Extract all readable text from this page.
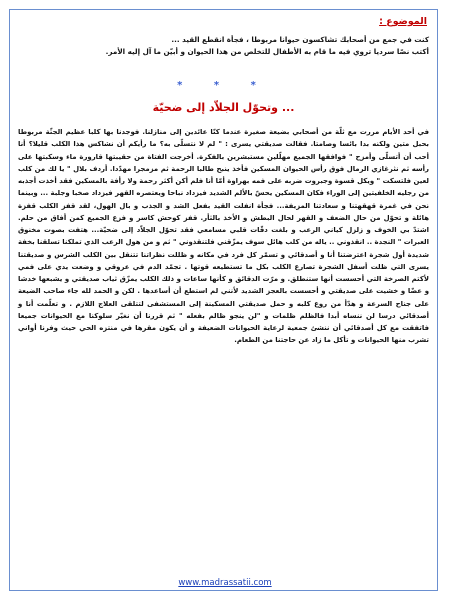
الموضوع :
كنت في جمع من أصحابك تشاكسون حيوانا مربوطا ، فجأة انقطع القيد ...
أكتب نصّا سرديا تروي فيه ما قام به الأطفال للتخلص من هذا الحيوان و أبيّن ما آل إليه الأمر.
* * *
... وتحوّل الجلاّد إلى ضحيّة

في أحد الأيام مررت مع ثلّة من أصحابي بضيعة صغيرة عندما كنّا عائدين إلى منازلنا. فوجدنا بها كلبا عظيم الجثّة مربوطا بحبل متين ولكنه بدا بائسا وصامتا. فقالت صديقتي يسرى : " لم لا نتسلّى به؟ ما رأيكم أن نشاكس هذا الكلب قليلا؟ أنا أحب أن أتسلّى وأمزح " فوافقها الجميع مهلّلين مستبشرين بالفكرة. أخرجت الفتاة من حقيبتها قارورة ماء وسكبتها على رأسه ثم نثرغازي الرمال فوق رأس الحيوان المسكين فأخذ ينبح طالبا الرحمة ثم مزمجرا مهدّدا. أردف بلال " يا لك من كلب لعين فلتسكت " ويكل قسوة وجبروت ضربه على فمه بهراوة أمّا أنا فلم أكن أكثر رحمة ولا رأفة بالمسكين فقد أخذت أجذبه من رجليه الخلفيتين إلى الوراء فكان المسكين يحسّ بالألم الشديد فيزداد نباحا ويعتصره القهر فيزداد صخبا وجلبة ... وبينما نحن في غمرة قهقهتنا و سعادتنا المزيفة... فجأة انفلت القيد بفعل الشد و الجذب و بال الهول، لقد قفز الكلب قفزة هائلة و تحوّل من حال الضعف و القهر لحال البطش و الأخذ بالثأر. قفز كوحش كاسر و فزع الجميع كمن أفاق من حلم. اشتدّ بي الخوف و زلزل كياني الرعب و بلغت دقّات قلبي مسامعي فقد تحوّل الجلاّد إلى ضحيّة... هتفت بصوت مخنوق العبرات " النجدة .. انقذوني .. ياله من كلب هائل سوف يمزّقني فلتنقذوني " ثم و من هول الرعب الذي تملكنا تسلقنا بخفة شديدة أول شجرة اعترضتنا أنا و أصدقائي و تسمّر كل فرد في مكانه و ظللت نظراتنا تتنقل بين الكلب الشرس و صديقتنا يسرى التي ظلت أسفل الشجرة تصارع الكلب بكل ما تستطيعه قوتها . تجمّد الدم في عروقي و وضعت يدي على فمي لأكتم الصرخة التي أحسست أنها ستنطلق. و مرّت الدقائق و كأنها ساعات و ذلك الكلب يمزّق ثياب صديقتي و يشبعها خدشا و عضّا و خشيت على صديقتي و أحسست بالعجز الشديد لأنني لم استطع أن أساعدها . لكن و الحمد لله جاء صاحب الضيعة على جناح السرعة و هدّأ من روع كلبه و حمل صديقتي المسكينة إلى المستشفى لتتلقى العلاج اللازم . و تعلّمت أنا و أصدقائي درسا لن ننساه أبدا فالظلم ظلمات و "لن ينجو ظالم بفعله " ثم قررنا أن نغيّر سلوكنا مع الحيوانات جميعا فاتفقت مع كل أصدقائي أن ننشئ جمعية لرعاية الحيوانات الضعيفة و أن يكون مقرها في منتزه الحي حيث وفرنا أواني تشرب منها الحيوانات و تأكل ما زاد عن حاجتنا من الطعام.

www.madrassatii.com
